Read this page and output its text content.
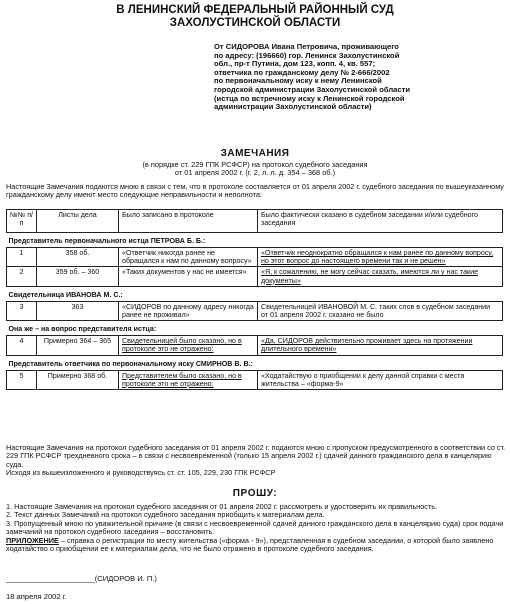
В ЛЕНИНСКИЙ ФЕДЕРАЛЬНЫЙ РАЙОННЫЙ СУД
ЗАХОЛУСТИНСКОЙ ОБЛАСТИ
От СИДОРОВА Ивана Петровича, проживающего
по адресу: (196660) гор. Ленинск Захолустинской
обл., пр-т Путина, дом 123, копп. 4, кв. 557;
ответчика по гражданскому делу № 2-666/2002
по первоначальному иску к нему Ленинской
городской администрации Захолустинской области
(истца по встречному иску к Ленинской городской
администрации Захолустинской области)
ЗАМЕЧАНИЯ
(в порядке ст. 229 ГПК РСФСР) на протокол судебного заседания
от 01 апреля 2002 г. (г. 2, л. л. д. 354 – 368 об.)
Настоящие Замечания подаются мною в связи с тем, что в протоколе составляется от 01 апреля 2002 г. судебного заседания по вышеуказанному гражданскому делу имеют место следующие неправильности и неполнота:
№№ п/п	Листы дела	Было записано в протоколе	Было фактически сказано в судебном заседании и/или судебного заседания
Представитель первоначального истца ПЕТРОВА Б. Б.:			
1	358 об.	«Ответчик никогда ранее не обращался к нам по данному вопросу»	«Ответчик неоднократно обращался к нам ранее по данному вопросу, но этот вопрос до настоящего времени так и не решен»
2	359 об. – 360	«Таких документов у нас не имеется»	«Я, к сожалению, не могу сейчас сказать, имеются ли у нас такие документы»
Свидетельница ИВАНОВА М. С.:			
3	363	«СИДОРОВ по данному адресу никогда ранее не проживал»	Свидетельницей ИВАНОВОЙ М. С. таких слов в судебном заседании от 01 апреля 2002 г. сказано не было
Она же – на вопрос представителя истца:			
4	Примерно 364 – 365	Свидетельницей было сказано, но в протоколе это не отражено:	«Да, СИДОРОВ действительно проживает здесь на протяжении длительного времени»
Представитель ответчика по первоначальному иску СМИРНОВ В. В.:			
5	Примерно 368 об.	Представителем было сказано, но в протоколе это не отражено:	«Ходатайствую о приобщении к делу данной справки с места жительства – «форма-9»
Настоящие Замечания на протокол судебного заседания от 01 апреля 2002 г. подаются мною с пропуском предусмотренного в соответствии со ст. 229 ГПК РСФСР трехдневного срока – в связи с несвоевременной (только 15 апреля 2002 г.) сдачей данного гражданского дела в канцелярию суда.
Исходя из вышеизложенного и руководствуясь ст. ст. 105, 229, 230 ГПК РСФСР
ПРОШУ:
1. Настоящие Замечания на протокол судебного заседания от 01 апреля 2002 г. рассмотреть и удостоверить их правильность.
2. Текст данных Замечаний на протокол судебного заседания приобщить к материалам дела.
3. Пропущенный мною по уважительной причине (в связи с несвоевременной сдачей данного гражданского дела в канцелярию суда) срок подачи замечаний на протокол судебного заседания – восстановить.
ПРИЛОЖЕНИЕ – справка о регистрации по месту жительства («форма - 9»), представленная в судебном заседании, о которой было заявлено ходатайство о приобщении ее к материалам дела, что не было отражено в протоколе судебного заседания.
_____________________(СИДОРОВ И. П.)
18 апреля 2002 г.
